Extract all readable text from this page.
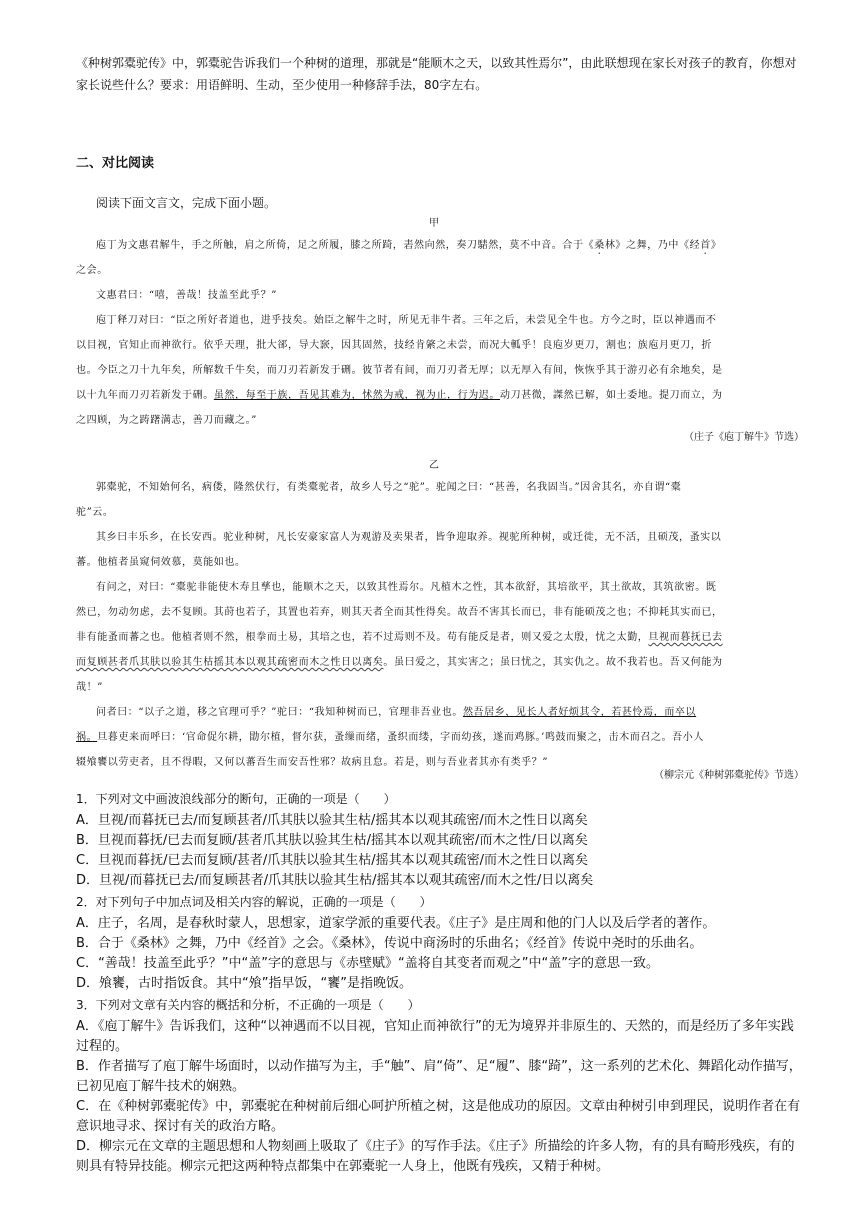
《种树郭橐驼传》中，郭橐驼告诉我们一个种树的道理，那就是“能顺木之天，以致其性焉尔”，由此联想现在家长对孩子的教育，你想对家长说些什么？要求：用语鲜明、生动，至少使用一种修辞手法，80字左右。
二、对比阅读
阅读下面文言文，完成下面小题。
甲
庖丁为文惠君解牛，手之所触，肩之所倚，足之所履，膝之所踦，砉然向然，奏刀騞然，莫不中音。合于《桑林》之舞，乃中《经首》
之会。
文惠君曰：“嘻，善哉！技盖至此乎？”
庖丁释刀对曰：“臣之所好者道也，进乎技矣。始臣之解牛之时，所见无非牛者。三年之后，未尝见全牛也。方今之时，臣以神遇而不
以目视，官知止而神欲行。依乎天理，批大郤，导大窾，因其固然，技经肯綮之未尝，而况大軱乎！良庖岁更刀，割也；族庖月更刀，折
也。今臣之刀十九年矣，所解数千牛矣，而刀刃若新发于硎。彼节者有间，而刀刃者无厚；以无厚入有间，恢恢乎其于游刃必有余地矣，是
以十九年而刀刃若新发于硎。虽然，每至于族，吾见其难为，怵然为戒，视为止，行为迟。动刀甚微，謋然已解，如土委地。提刀而立，为
之四顾，为之踌躇满志，善刀而藏之。”
（庄子《庖丁解牛》节选）
乙
郭橐驼，不知始何名，病偻，隆然伏行，有类橐驼者，故乡人号之“驼”。驼闻之曰：“甚善，名我固当。”因舍其名，亦自谓“橐
驼”云。
其乡曰丰乐乡，在长安西。驼业种树，凡长安豪家富人为观游及卖果者，皆争迎取养。视驼所种树，或迁徙，无不活，且硕茂，蚤实以
蕃。他植者虽窥伺效慕，莫能如也。
有问之，对曰：“橐驼非能使木寿且孳也，能顺木之天，以致其性焉尔。凡植木之性，其本欲舒，其培欲平，其土欲故，其筑欲密。既
然已，勿动勿虑，去不复顾。其莳也若子，其置也若弃，则其天者全而其性得矣。故吾不害其长而已，非有能硕茂之也；不抑耗其实而已，
非有能蚤而蕃之也。他植者则不然，根拳而土易，其培之也，若不过焉则不及。苟有能反是者，则又爱之太殷，忧之太勤，旦视而暮抚已去
而复顾甚者爪其肤以验其生枯摇其本以观其疏密而木之性日以离矣。虽曰爱之，其实害之；虽曰忧之，其实仇之。故不我若也。吾又何能为
哉！”
问者曰：“以子之道，移之官理可乎？”驼曰：“我知种树而已，官理非吾业也。然吾居乡，见长人者好烦其令，若甚怜焉，而卒以
祸。旦暮吏来而呼曰：‘官命促尔耕，勖尔植，督尔获，蚤缫而绪，蚤织而缕，字而幼孩，遂而鸡豚。’鸣鼓而聚之，击木而召之。吾小人
辍飧饔以劳吏者，且不得暇，又何以蕃吾生而安吾性邪？故病且怠。若是，则与吾业者其亦有类乎？”
（柳宗元《种树郭橐驼传》节选）
1．下列对文中画波浪线部分的断句，正确的一项是（　　）
A．旦视/而暮抚已去/而复顾甚者/爪其肤以验其生枯/摇其本以观其疏密/而木之性日以离矣
B．旦视而暮抚/已去而复顾/甚者爪其肤以验其生枯/摇其本以观其疏密/而木之性/日以离矣
C．旦视而暮抚/已去而复顾/甚者/爪其肤以验其生枯/摇其本以观其疏密/而木之性日以离矣
D．旦视/而暮抚已去/而复顾甚者/爪其肤以验其生枯/摇其本以观其疏密/而木之性/日以离矣
2．对下列句子中加点词及相关内容的解说，正确的一项是（　　）
A．庄子，名周，是春秋时蒙人，思想家，道家学派的重要代表。《庄子》是庄周和他的门人以及后学者的著作。
B．合于《桑林》之舞，乃中《经首》之会。《桑林》，传说中商汤时的乐曲名；《经首》传说中尧时的乐曲名。
C．“善哉！技盖至此乎？”中“盖”字的意思与《赤壁赋》“盖将自其变者而观之”中“盖”字的意思一致。
D．飧饔，古时指饭食。其中“飧”指早饭，“饔”是指晚饭。
3．下列对文章有关内容的概括和分析，不正确的一项是（　　）
A．《庖丁解牛》告诉我们，这种“以神遇而不以目视，官知止而神欲行”的无为境界并非原生的、天然的，而是经历了多年实践过程的。
B．作者描写了庖丁解牛场面时，以动作描写为主，手“触”、肩“倚”、足“履”、膝“踦”，这一系列的艺术化、舞蹈化动作描写，已初见庖丁解牛技术的娴熟。
C．在《种树郭橐驼传》中，郭橐驼在种树前后细心呵护所植之树，这是他成功的原因。文章由种树引申到理民，说明作者在有意识地寻求、探讨有关的政治方略。
D．柳宗元在文章的主题思想和人物刻画上吸取了《庄子》的写作手法。《庄子》所描绘的许多人物，有的具有畸形残疾，有的则具有特异技能。柳宗元把这两种特点都集中在郭橐驼一人身上，他既有残疾，又精于种树。
